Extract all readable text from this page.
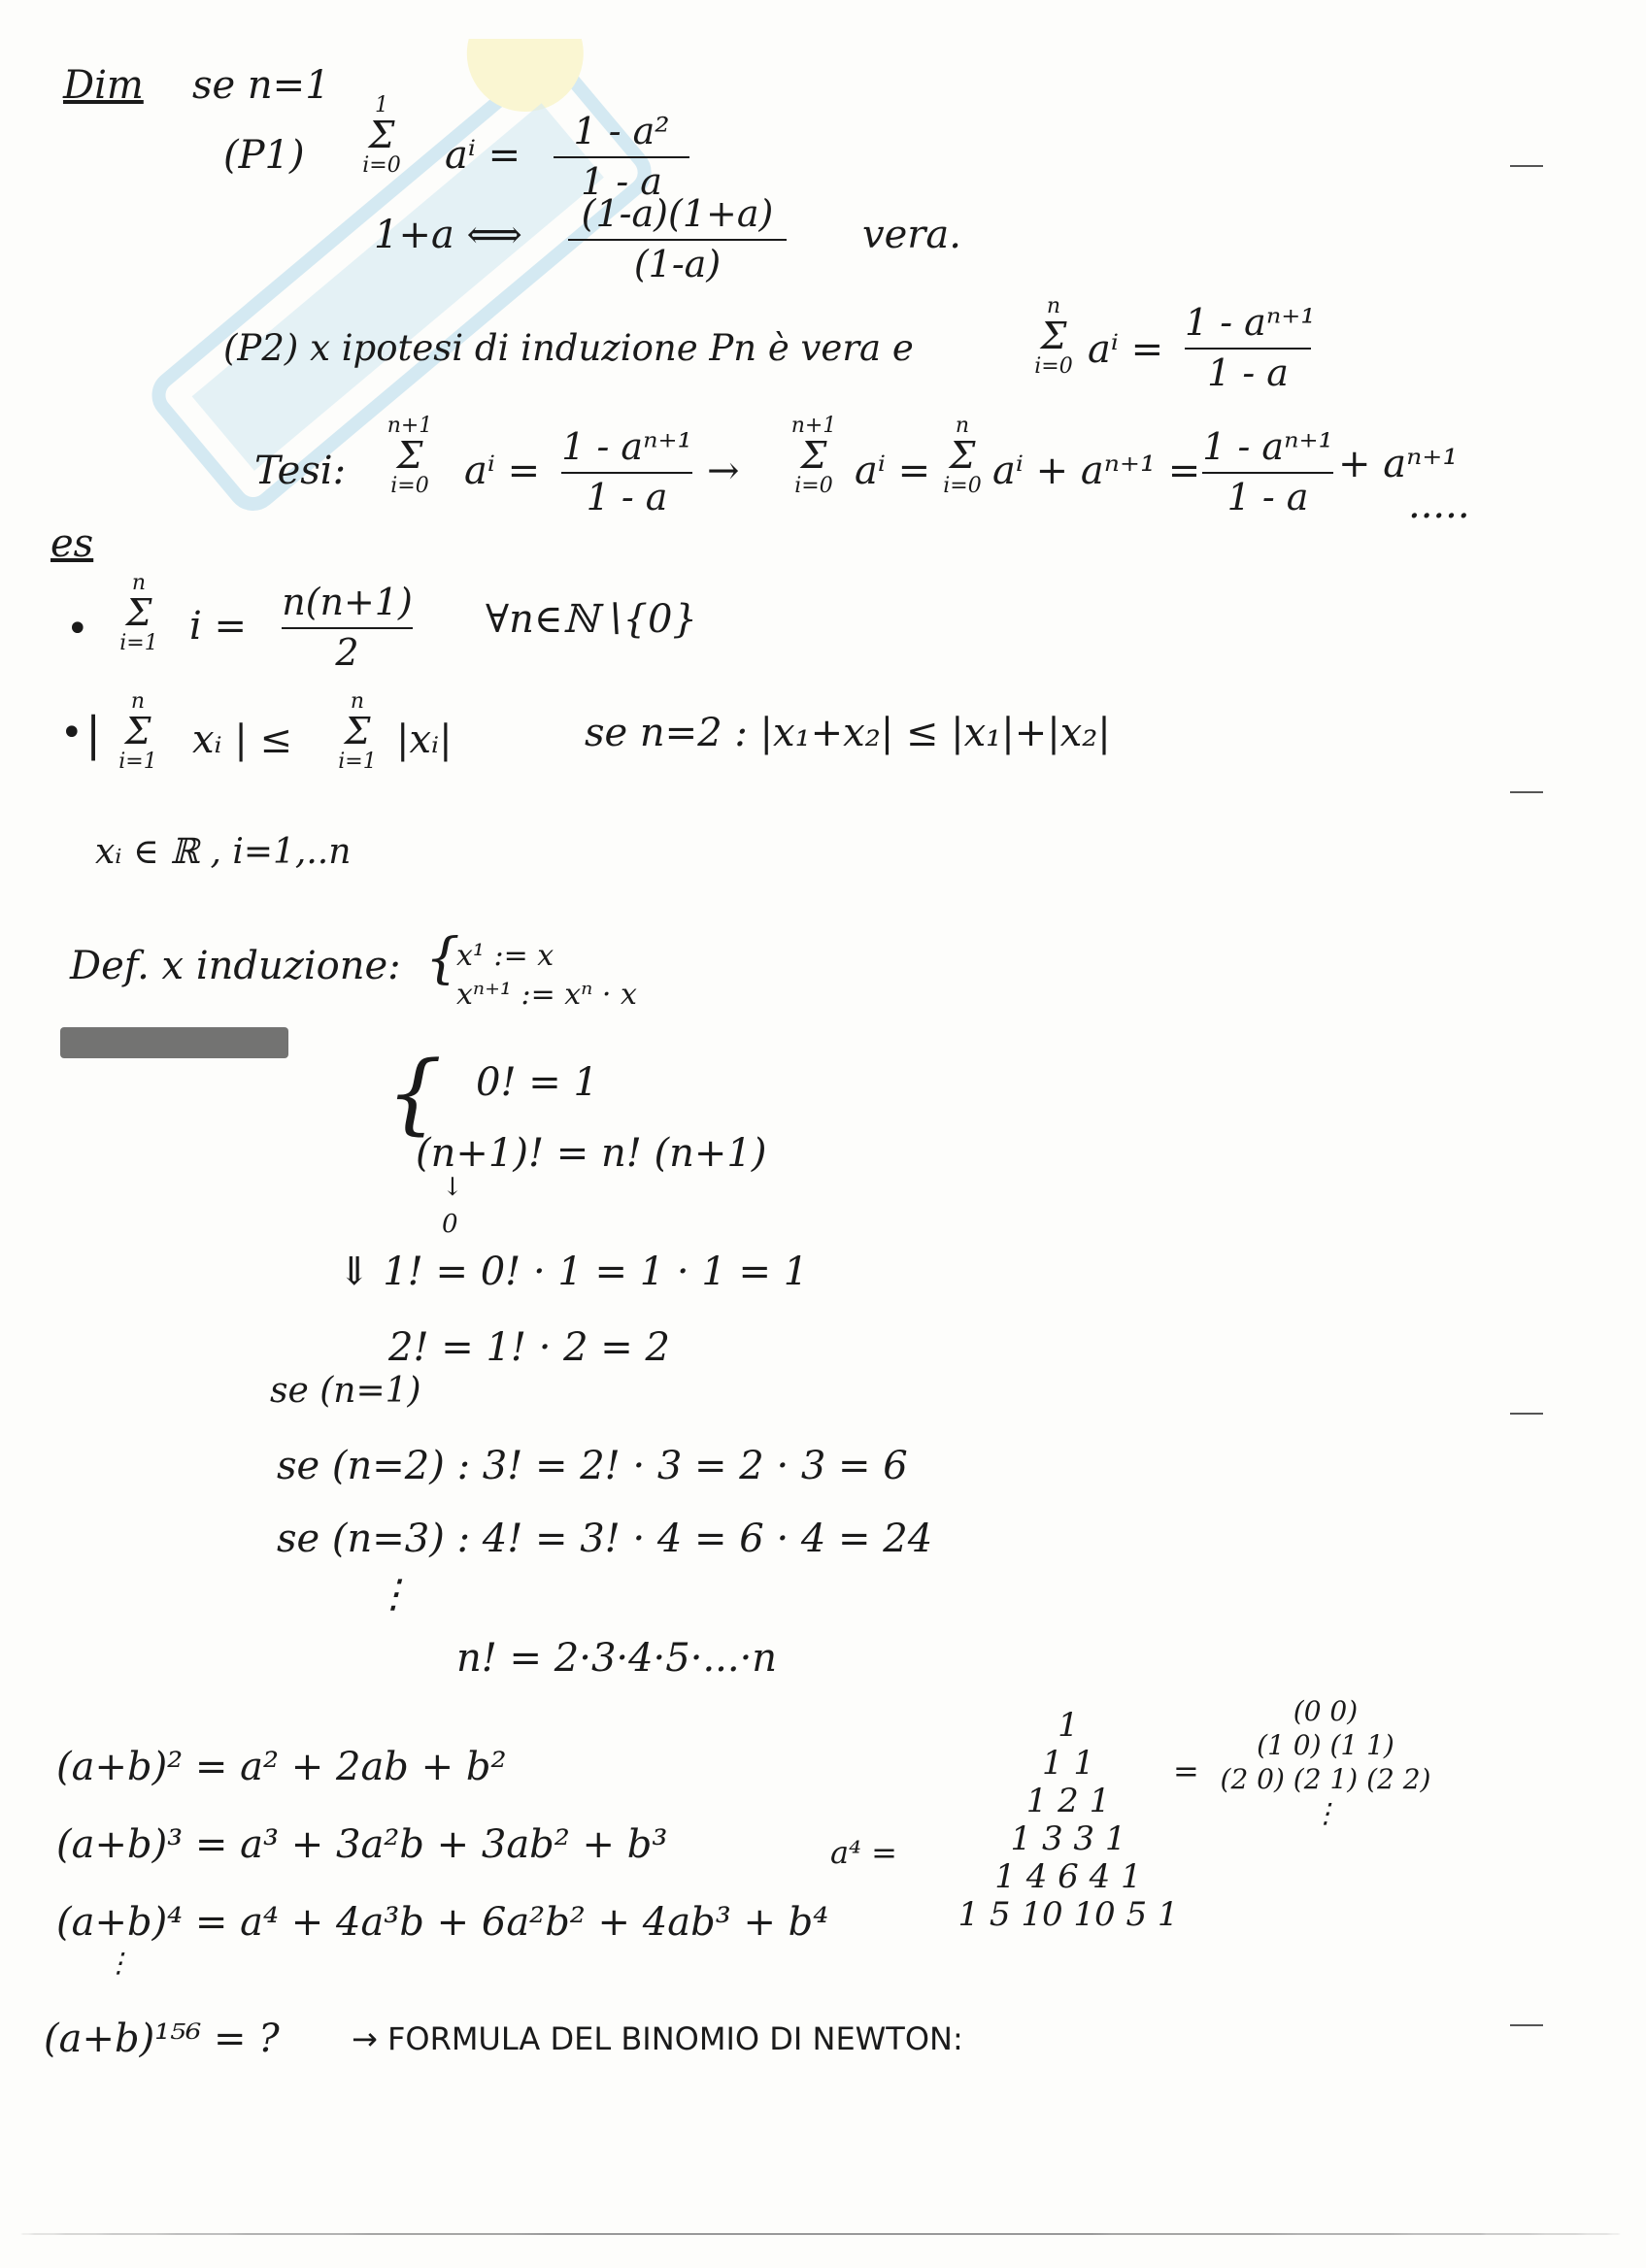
Dim se n=1
(P1)
1
Σ
i=0 aⁱ =
1 - a²
1 - a
1+a ⟺	(1-a)(1+a)
(1-a)
vera.
(P2) x ipotesi di induzione Pn è vera e
n
Σ
i=0 aⁱ =
1 - aⁿ⁺¹
1 - a
Tesi:
n+1
Σ
i=0 aⁱ =
1 - aⁿ⁺¹
1 - a
→
n+1
Σ
i=0 aⁱ =
n
Σ
i=0 aⁱ + aⁿ⁺¹ =
1 - aⁿ⁺¹
1 - a
+ aⁿ⁺¹
.....
es
•
n
Σ
i=1 i =
n(n+1)
2
∀n∈ℕ∖{0}
• |
n
Σ
i=1 xᵢ | ≤
n
Σ
i=1 |xᵢ|	se n=2 : |x₁+x₂| ≤ |x₁|+|x₂|
xᵢ ∈ ℝ , i=1,..n
Def. x induzione: {
x¹ := x
xⁿ⁺¹ := xⁿ · x
{ 0! = 1
(n+1)! = n! (n+1)
↓
0
⇓ 1! = 0! · 1 = 1 · 1 = 1
2! = 1! · 2 = 2
se (n=1)
se (n=2) : 3! = 2! · 3 = 2 · 3 = 6
se (n=3) : 4! = 3! · 4 = 6 · 4 = 24
⋮
n! = 2·3·4·5·...·n
(a+b)² = a² + 2ab + b²
(a+b)³ = a³ + 3a²b + 3ab² + b³
(a+b)⁴ = a⁴ + 4a³b + 6a²b² + 4ab³ + b⁴
⋮
(a+b)¹⁵⁶ = ? → FORMULA DEL BINOMIO DI NEWTON:
a⁴ =
1
1 1
1 2 1
1 3 3 1
1 4 6 4 1
1 5 10 10 5 1
=
(0 0)
(1 0) (1 1)
(2 0) (2 1) (2 2)
⋮
